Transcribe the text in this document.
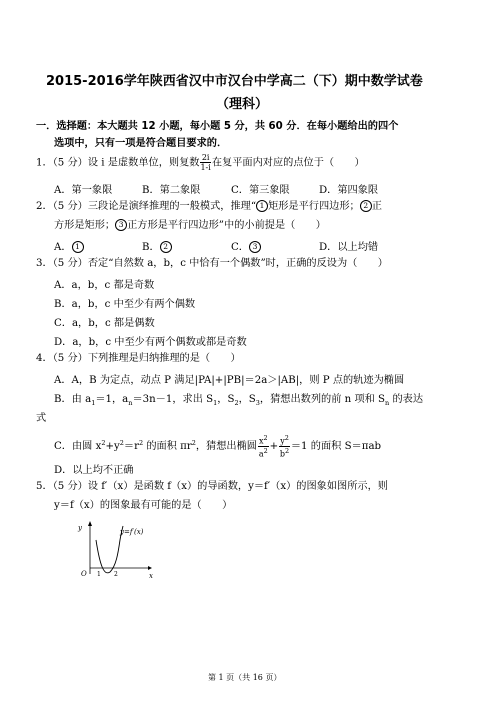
2015-2016学年陕西省汉中市汉台中学高二（下）期中数学试卷
（理科）
一．选择题：本大题共 12 小题，每小题 5 分，共 60 分．在每小题给出的四个
选项中，只有一项是符合题目要求的．
1．（5 分）设 i 是虚数单位，则复数 $\frac{2i}{1-i}$ 在复平面内对应的点位于（　　）
A．第一象限	B．第二象限	C．第三象限	D．第四象限
2．（5 分）三段论是演绎推理的一般模式，推理“ 1 矩形是平行四边形； 2 正
方形是矩形； 3 正方形是平行四边形”中的小前提是（　　）
A． 1	B． 2	C． 3	D．以上均错
3．（5 分）否定“自然数 a，b，c 中恰有一个偶数”时，正确的反设为（　　）
A．a，b，c 都是奇数
B．a，b，c 中至少有两个偶数
C．a，b，c 都是偶数
D．a，b，c 中至少有两个偶数或都是奇数
4．（5 分）下列推理是归纳推理的是（　　）
A．A，B 为定点，动点 P 满足|PA|+|PB|＝2a＞|AB|，则 P 点的轨迹为椭圆
B．由 $a_1=1$，$a_n=3n-1$，求出 $S_1$，$S_2$，$S_3$，猜想出数列的前 n 项和 $S_n$ 的表达
式
C．由圆 $x^2+y^2=r^2$ 的面积 $\pi r^2$，猜想出椭圆 $\frac{x^2}{a^2} + \frac{y^2}{b^2} =1$ 的面积 S＝πab
D．以上均不正确
5．（5 分）设 f′（x）是函数 f（x）的导函数，y＝f′（x）的图象如图所示，则
y＝f（x）的图象最有可能的是（　　）
y
x
O 1 2
y=f′(x)
第 1 页（共 16 页）
